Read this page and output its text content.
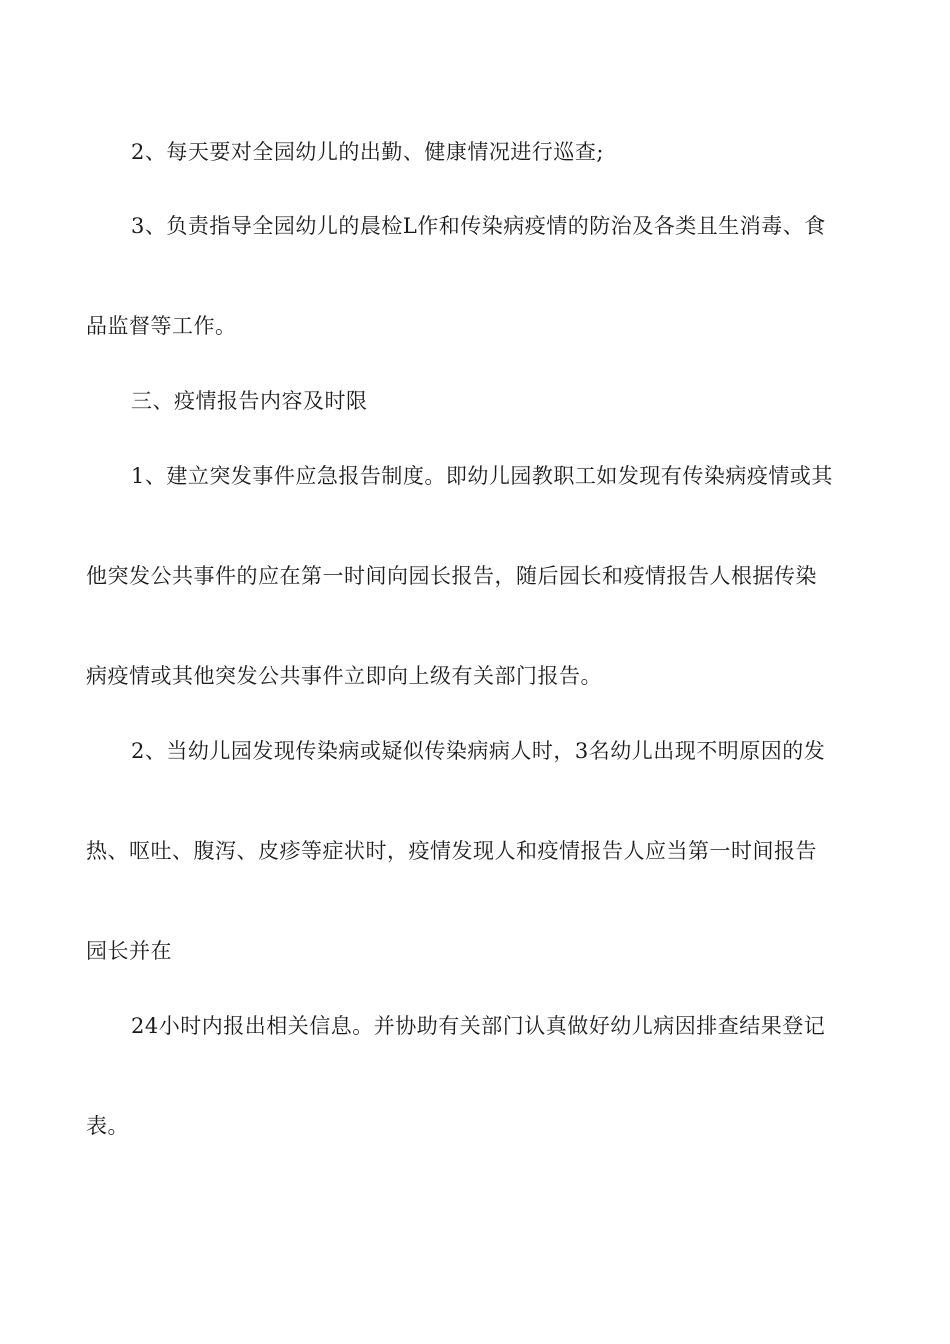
2、每天要对全园幼儿的出勤、健康情况进行巡查;
3、负责指导全园幼儿的晨检L作和传染病疫情的防治及各类且生消毒、食
品监督等工作。
三、疫情报告内容及时限
1、建立突发事件应急报告制度。即幼儿园教职工如发现有传染病疫情或其
他突发公共事件的应在第一时间向园长报告，随后园长和疫情报告人根据传染
病疫情或其他突发公共事件立即向上级有关部门报告。
2、当幼儿园发现传染病或疑似传染病病人时，3名幼儿出现不明原因的发
热、呕吐、腹泻、皮疹等症状时，疫情发现人和疫情报告人应当第一时间报告
园长并在
24小时内报出相关信息。并协助有关部门认真做好幼儿病因排查结果登记
表。
